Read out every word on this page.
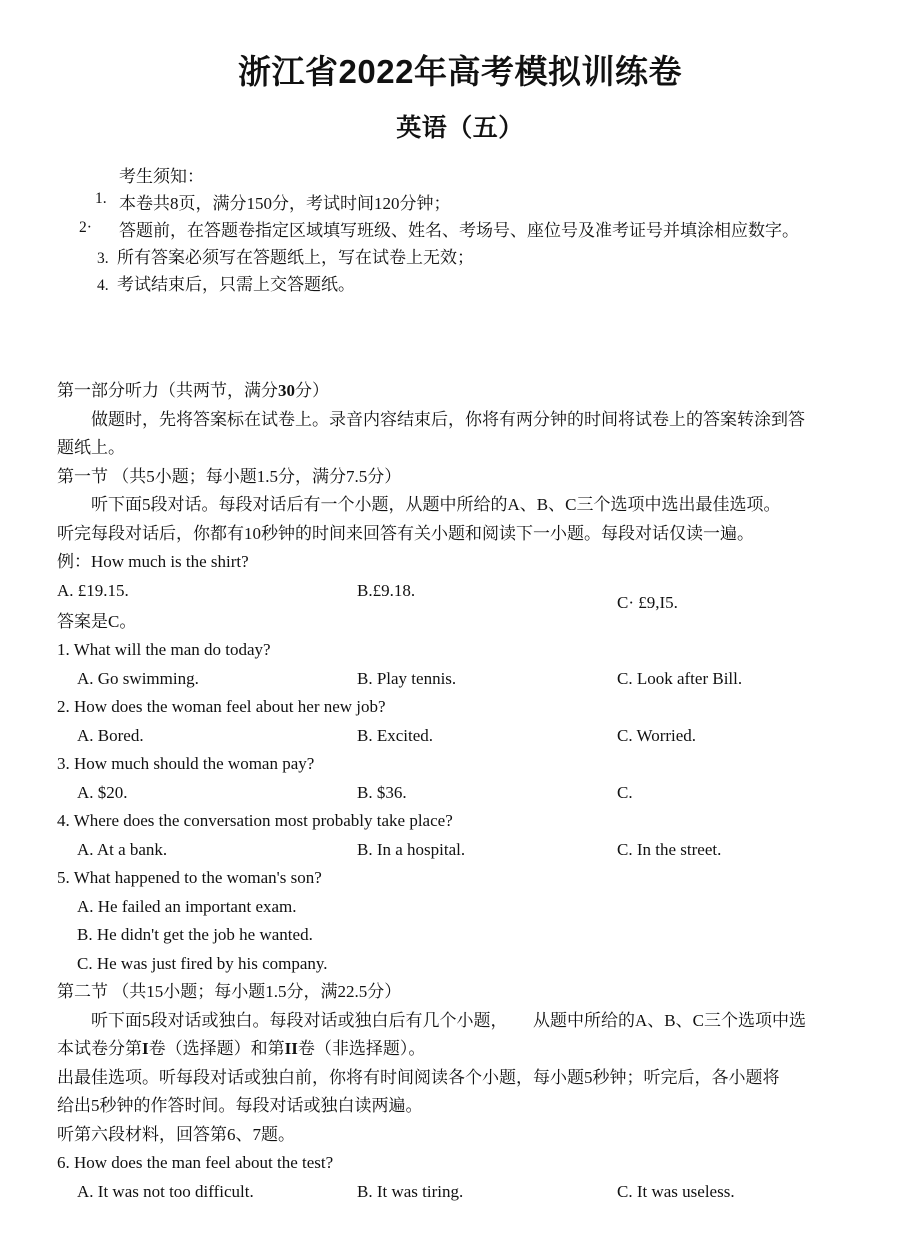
浙江省2022年高考模拟训练卷
英语（五）
考生须知：
1. 本卷共8页，满分150分，考试时间120分钟；
2·	答题前，在答题卷指定区域填写班级、姓名、考场号、座位号及准考证号并填涂相应数字。
3. 所有答案必须写在答题纸上，写在试卷上无效；
4. 考试结束后，只需上交答题纸。
第一部分听力（共两节，满分30分）
做题时，先将答案标在试卷上。录音内容结束后，你将有两分钟的时间将试卷上的答案转涂到答
题纸上。
第一节 （共5小题；每小题1.5分，满分7.5分）
听下面5段对话。每段对话后有一个小题，从题中所给的A、B、C三个选项中选出最佳选项。
听完每段对话后，你都有10秒钟的时间来回答有关小题和阅读下一小题。每段对话仅读一遍。
例：How much is the shirt?
A. £19.15.	B.£9.18.
C· £9,I5.
答案是C。
1. What will the man do today?
A. Go swimming.	B. Play tennis.	C. Look after Bill.
2. How does the woman feel about her new job?
A. Bored.	B. Excited.	C. Worried.
3. How much should the woman pay?
A. $20.	B. $36.	C.
4. Where does the conversation most probably take place?
A. At a bank.	B. In a hospital.	C. In the street.
5. What happened to the woman's son?
A. He failed an important exam.
B. He didn't get the job he wanted.
C. He was just fired by his company.
第二节 （共15小题；每小题1.5分，满22.5分）
听下面5段对话或独白。每段对话或独白后有几个小题， 从题中所给的A、B、C三个选项中选
本试卷分第I卷（选择题）和第II卷（非选择题）。
出最佳选项。听每段对话或独白前，你将有时间阅读各个小题，每小题5秒钟；听完后，各小题将
给出5秒钟的作答时间。每段对话或独白读两遍。
听第六段材料，回答第6、7题。
6. How does the man feel about the test?
A. It was not too difficult.	B. It was tiring.	C. It was useless.
